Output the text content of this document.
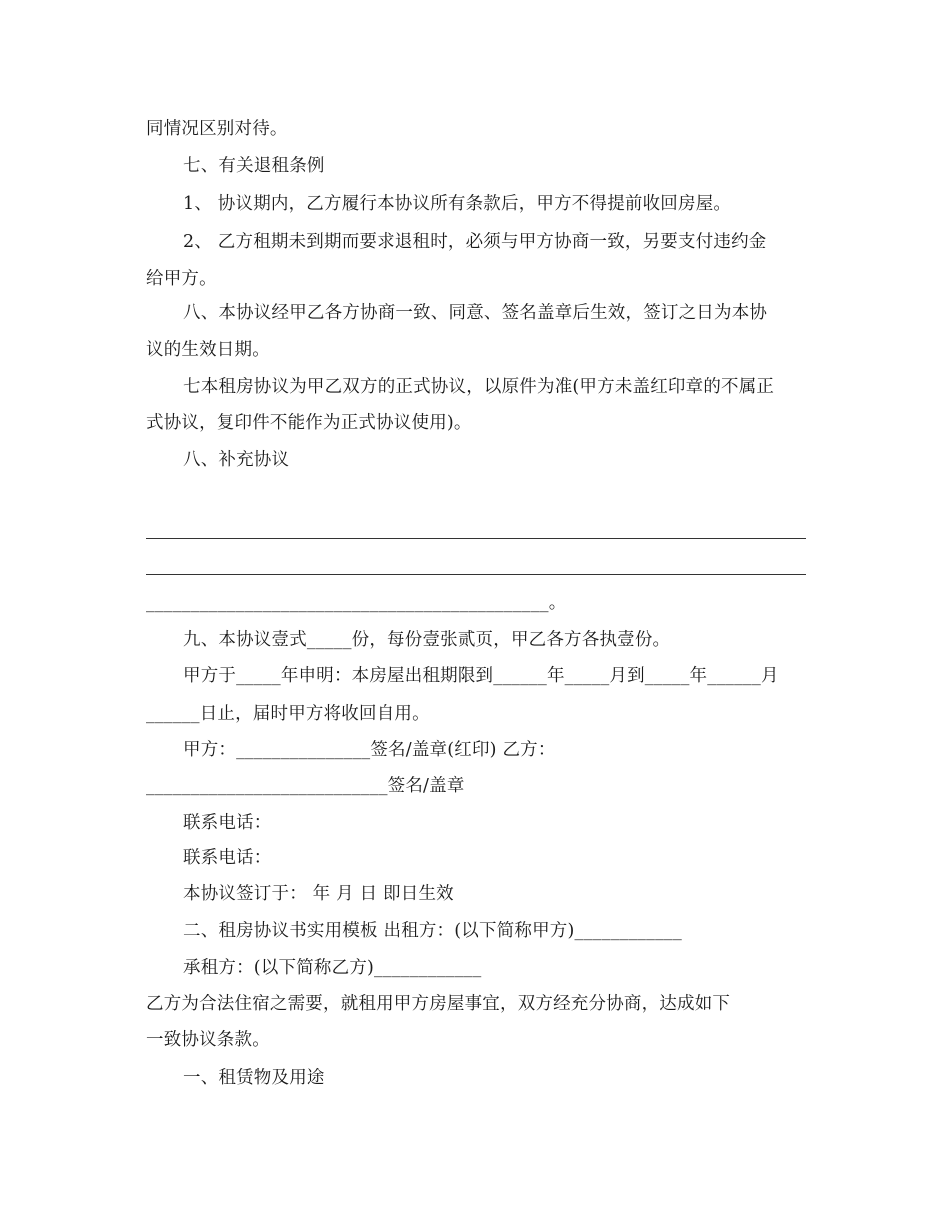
同情况区别对待。
七、有关退租条例
1、 协议期内，乙方履行本协议所有条款后，甲方不得提前收回房屋。
2、 乙方租期未到期而要求退租时，必须与甲方协商一致，另要支付违约金
给甲方。
八、本协议经甲乙各方协商一致、同意、签名盖章后生效，签订之日为本协
议的生效日期。
七本租房协议为甲乙双方的正式协议，以原件为准(甲方未盖红印章的不属正
式协议，复印件不能作为正式协议使用)。
八、补充协议
_____________________________________________。
九、本协议壹式_____份，每份壹张贰页，甲乙各方各执壹份。
甲方于_____年申明：本房屋出租期限到______年_____月到_____年______月
______日止，届时甲方将收回自用。
甲方：_______________签名/盖章(红印) 乙方：
___________________________签名/盖章
联系电话：
联系电话：
本协议签订于： 年 月 日 即日生效
二、租房协议书实用模板 出租方：(以下简称甲方)____________
承租方：(以下简称乙方)____________
乙方为合法住宿之需要，就租用甲方房屋事宜，双方经充分协商，达成如下
一致协议条款。
一、租赁物及用途
